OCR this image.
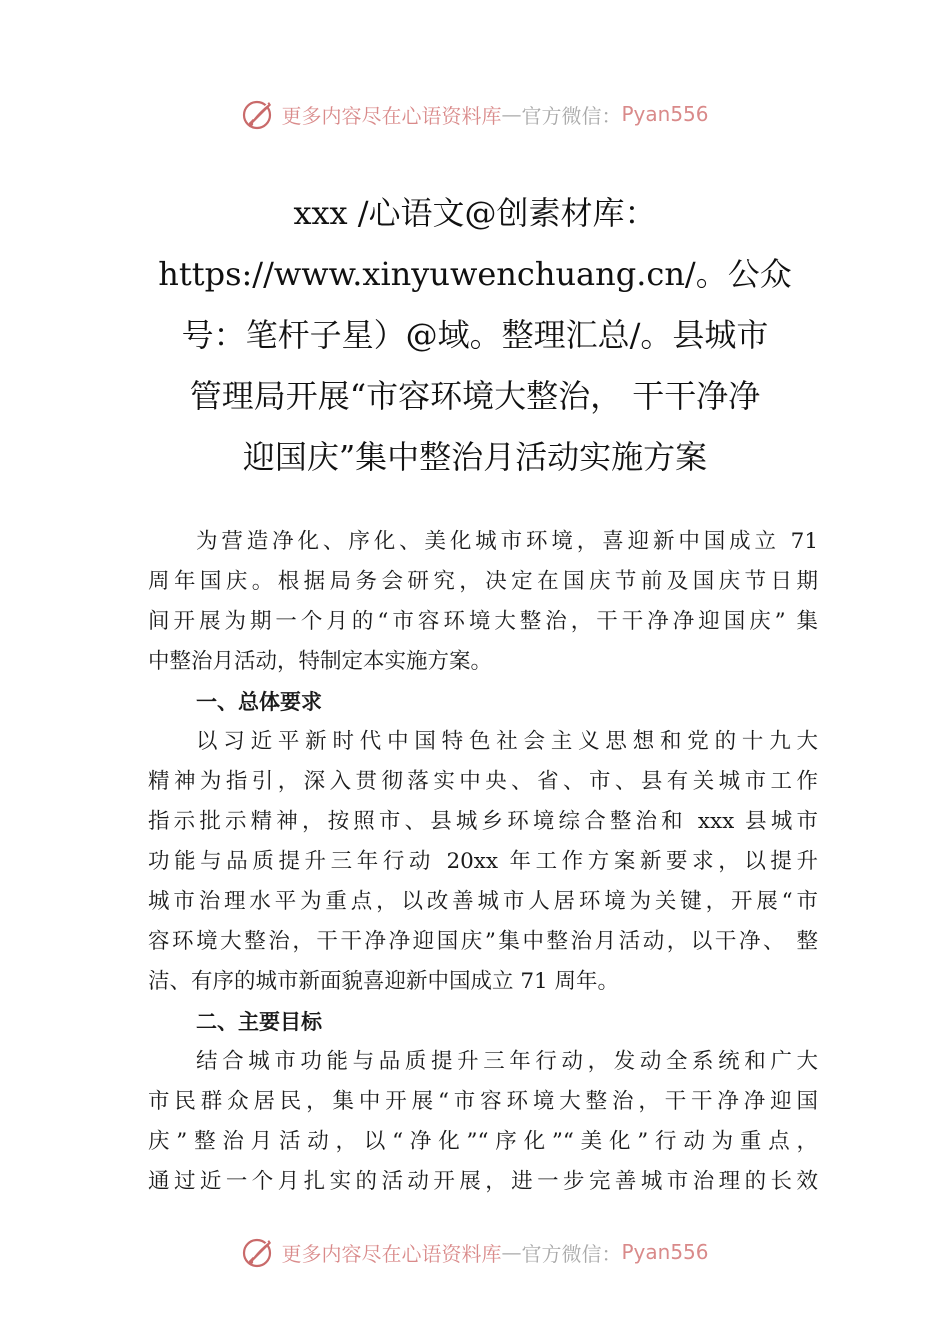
更多内容尽在心语资料库 — 官方微信： Pyan556
xxx /心语文@创素材库：
https://www.xinyuwenchuang.cn/。公众
号：笔杆子星）@域。整理汇总/。县城市
管理局开展“市容环境大整治， 干干净净
迎国庆”集中整治月活动实施方案
为营造净化、序化、美化城市环境，喜迎新中国成立 71
周年国庆。根据局务会研究，决定在国庆节前及国庆节日期
间开展为期一个月的“市容环境大整治，干干净净迎国庆” 集
中整治月活动，特制定本实施方案。
一、总体要求
以习近平新时代中国特色社会主义思想和党的十九大
精神为指引，深入贯彻落实中央、省、市、县有关城市工作
指示批示精神，按照市、县城乡环境综合整治和 xxx 县城市
功能与品质提升三年行动 20xx 年工作方案新要求，以提升
城市治理水平为重点，以改善城市人居环境为关键，开展“市
容环境大整治，干干净净迎国庆”集中整治月活动，以干净、 整
洁、有序的城市新面貌喜迎新中国成立 71 周年。
二、主要目标
结合城市功能与品质提升三年行动，发动全系统和广大
市民群众居民，集中开展“市容环境大整治，干干净净迎国
庆”整治月活动，以“净化”“序化”“美化”行动为重点，
通过近一个月扎实的活动开展，进一步完善城市治理的长效
更多内容尽在心语资料库 — 官方微信： Pyan556
